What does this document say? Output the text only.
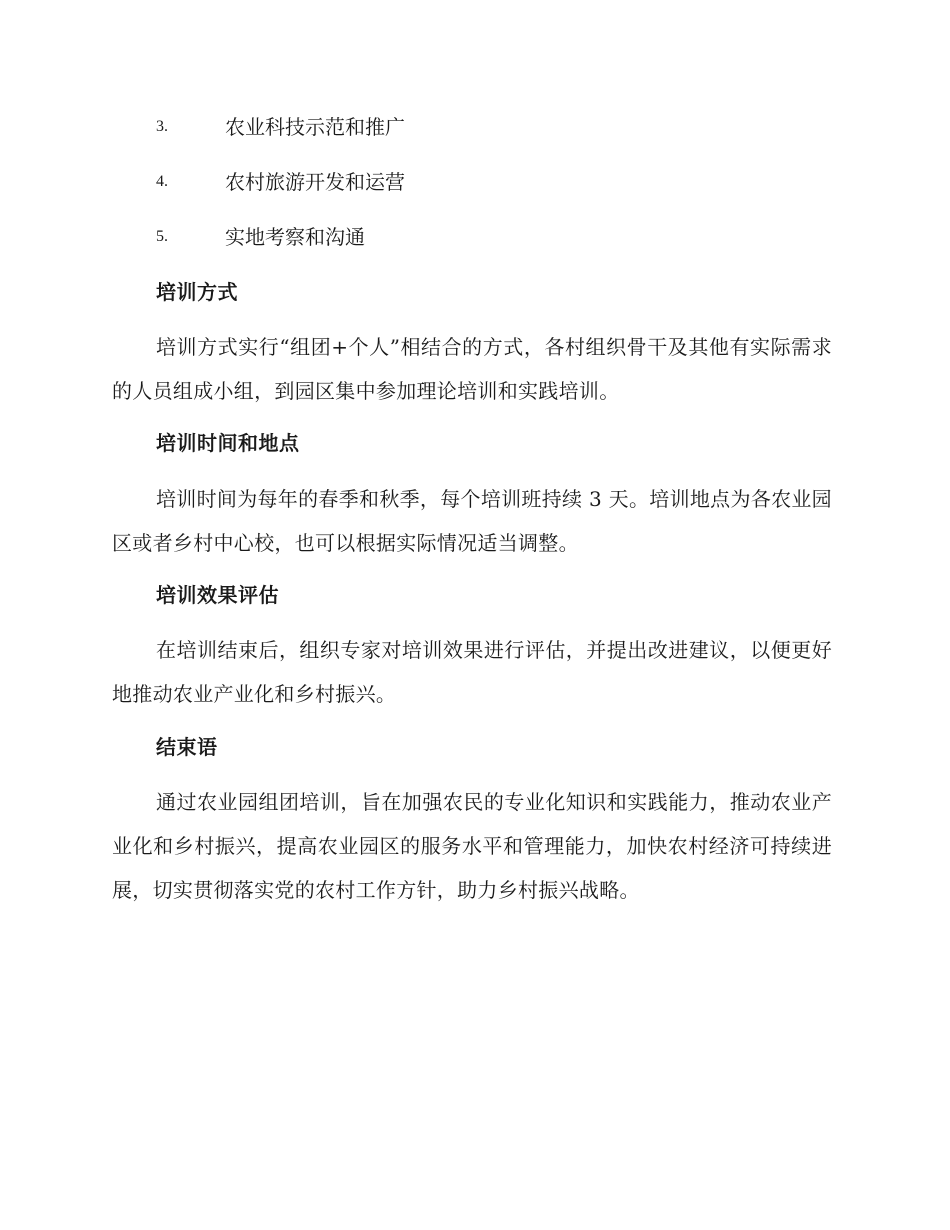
3.	农业科技示范和推广
4.	农村旅游开发和运营
5.	实地考察和沟通
培训方式
培训方式实行“组团+个人”相结合的方式，各村组织骨干及其他有实际需求的人员组成小组，到园区集中参加理论培训和实践培训。
培训时间和地点
培训时间为每年的春季和秋季，每个培训班持续 3 天。培训地点为各农业园区或者乡村中心校，也可以根据实际情况适当调整。
培训效果评估
在培训结束后，组织专家对培训效果进行评估，并提出改进建议，以便更好地推动农业产业化和乡村振兴。
结束语
通过农业园组团培训，旨在加强农民的专业化知识和实践能力，推动农业产业化和乡村振兴，提高农业园区的服务水平和管理能力，加快农村经济可持续进展，切实贯彻落实党的农村工作方针，助力乡村振兴战略。
